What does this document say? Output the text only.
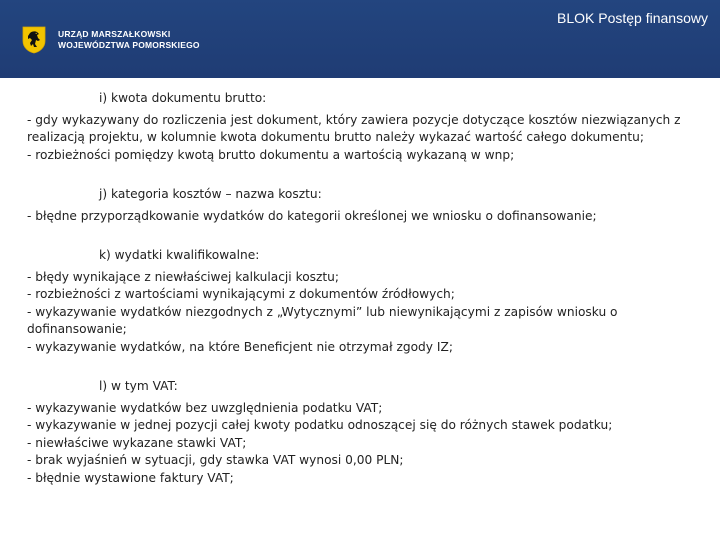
URZĄD MARSZAŁKOWSKI
WOJEWÓDZTWA POMORSKIEGO
BLOK Postęp finansowy
i) kwota dokumentu brutto:

- gdy wykazywany do rozliczenia jest dokument, który zawiera pozycje dotyczące kosztów niezwiązanych z realizacją projektu, w kolumnie kwota dokumentu brutto należy wykazać wartość całego dokumentu;

- rozbieżności pomiędzy kwotą brutto dokumentu a wartością wykazaną w wnp;

j) kategoria kosztów – nazwa kosztu:

- błędne przyporządkowanie wydatków do kategorii określonej we wniosku o dofinansowanie;

k) wydatki kwalifikowalne:

- błędy wynikające z niewłaściwej kalkulacji kosztu;

- rozbieżności z wartościami wynikającymi z dokumentów źródłowych;

- wykazywanie wydatków niezgodnych z „Wytycznymi” lub niewynikającymi z zapisów wniosku o dofinansowanie;

- wykazywanie wydatków, na które Beneficjent nie otrzymał zgody IZ;

l) w tym VAT:

- wykazywanie wydatków bez uwzględnienia podatku VAT;

- wykazywanie w jednej pozycji całej kwoty podatku odnoszącej się do różnych stawek podatku;

- niewłaściwe wykazane stawki VAT;

- brak wyjaśnień w sytuacji, gdy stawka VAT wynosi 0,00 PLN;

- błędnie wystawione faktury VAT;
